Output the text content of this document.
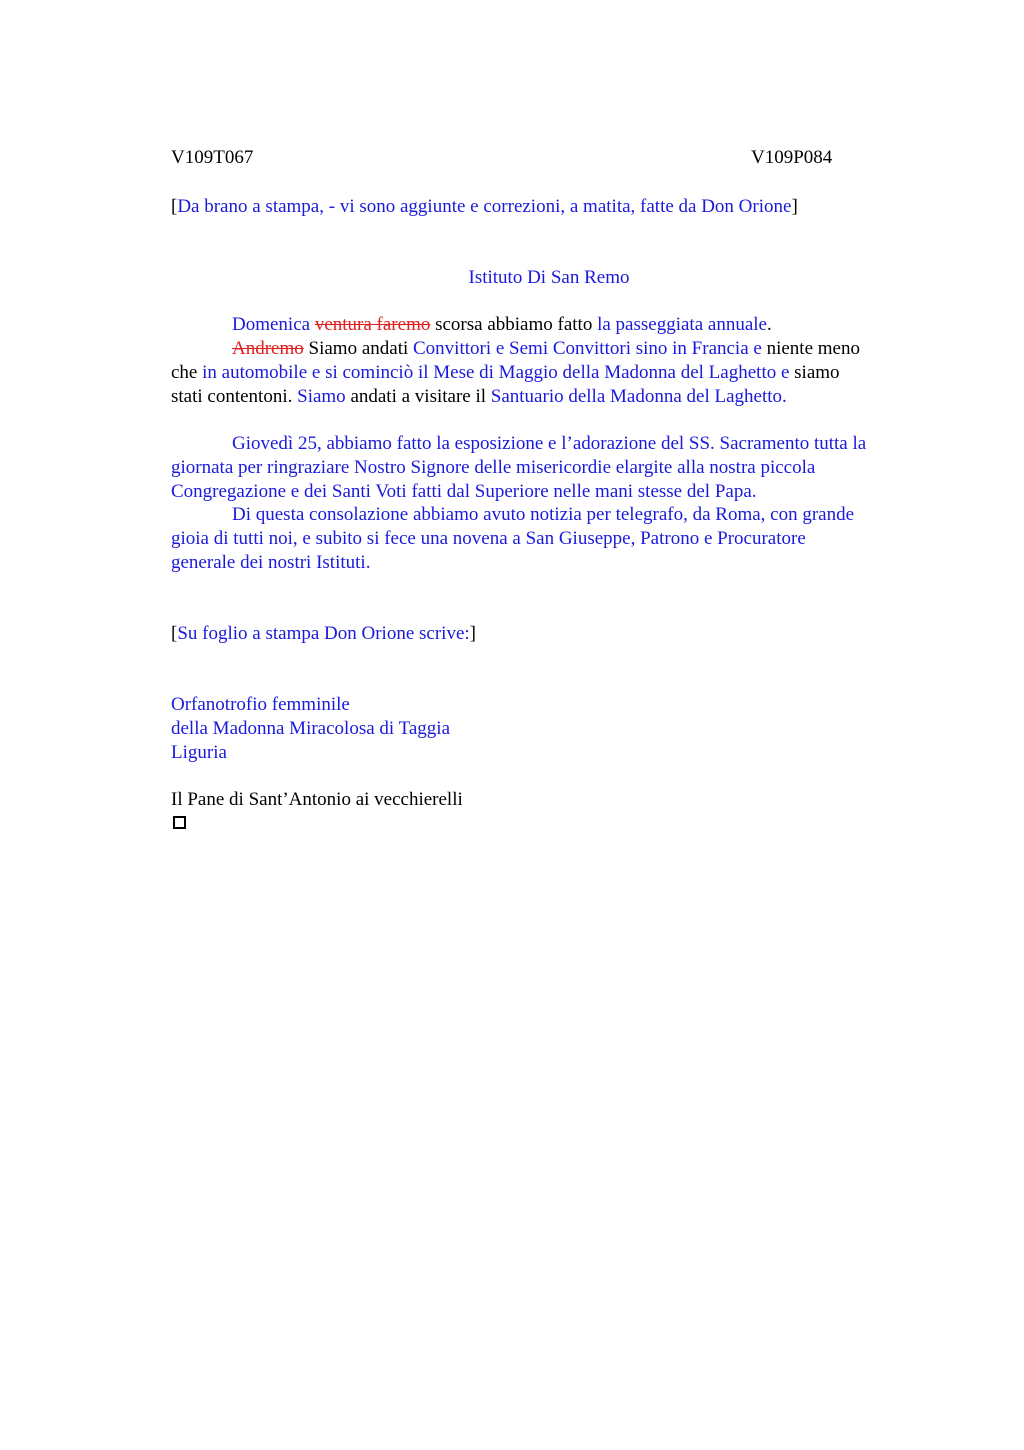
V109T067	V109P084
[Da brano a stampa, - vi sono aggiunte e correzioni, a matita, fatte da Don Orione]
Istituto Di San Remo
Domenica ventura faremo scorsa abbiamo fatto la passeggiata annuale.
Andremo Siamo andati Convittori e Semi Convittori sino in Francia e niente meno
che in automobile e si cominciò il Mese di Maggio della Madonna del Laghetto e siamo
stati contentoni. Siamo andati a visitare il Santuario della Madonna del Laghetto.
Giovedì 25, abbiamo fatto la esposizione e l’adorazione del SS. Sacramento tutta la
giornata per ringraziare Nostro Signore delle misericordie elargite alla nostra piccola
Congregazione e dei Santi Voti fatti dal Superiore nelle mani stesse del Papa.
Di questa consolazione abbiamo avuto notizia per telegrafo, da Roma, con grande
gioia di tutti noi, e subito si fece una novena a San Giuseppe, Patrono e Procuratore
generale dei nostri Istituti.
[Su foglio a stampa Don Orione scrive:]
Orfanotrofio femminile
della Madonna Miracolosa di Taggia
Liguria
Il Pane di Sant’Antonio ai vecchierelli
